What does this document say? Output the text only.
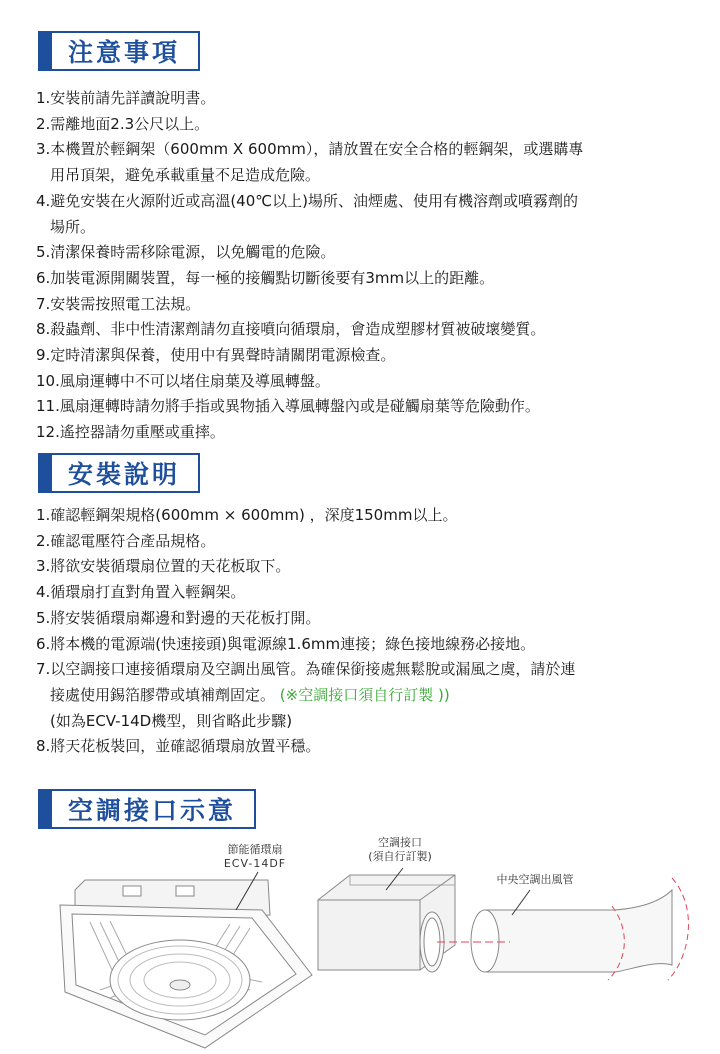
注意事項
1.安裝前請先詳讀說明書。
2.需離地面2.3公尺以上。
3.本機置於輕鋼架（600mm X 600mm），請放置在安全合格的輕鋼架，或選購專
用吊頂架，避免承載重量不足造成危險。
4.避免安裝在火源附近或高溫(40℃以上)場所、油煙處、使用有機溶劑或噴霧劑的
場所。
5.清潔保養時需移除電源，以免觸電的危險。
6.加裝電源開關裝置，每一極的接觸點切斷後要有3mm以上的距離。
7.安裝需按照電工法規。
8.殺蟲劑、非中性清潔劑請勿直接噴向循環扇，會造成塑膠材質被破壞變質。
9.定時清潔與保養，使用中有異聲時請關閉電源檢查。
10.風扇運轉中不可以堵住扇葉及導風轉盤。
11.風扇運轉時請勿將手指或異物插入導風轉盤內或是碰觸扇葉等危險動作。
12.遙控器請勿重壓或重摔。
安裝說明
1.確認輕鋼架規格(600mm × 600mm) ，深度150mm以上。
2.確認電壓符合產品規格。
3.將欲安裝循環扇位置的天花板取下。
4.循環扇打直對角置入輕鋼架。
5.將安裝循環扇鄰邊和對邊的天花板打開。
6.將本機的電源端(快速接頭)與電源線1.6mm連接；綠色接地線務必接地。
7.以空調接口連接循環扇及空調出風管。為確保銜接處無鬆脫或漏風之虞，請於連
接處使用錫箔膠帶或填補劑固定。 (※空調接口須自行訂製 ))
(如為ECV-14D機型，則省略此步驟)
8.將天花板裝回，並確認循環扇放置平穩。
空調接口示意
節能循環扇
ECV-14DF
空調接口
(須自行訂製)
中央空調出風管
